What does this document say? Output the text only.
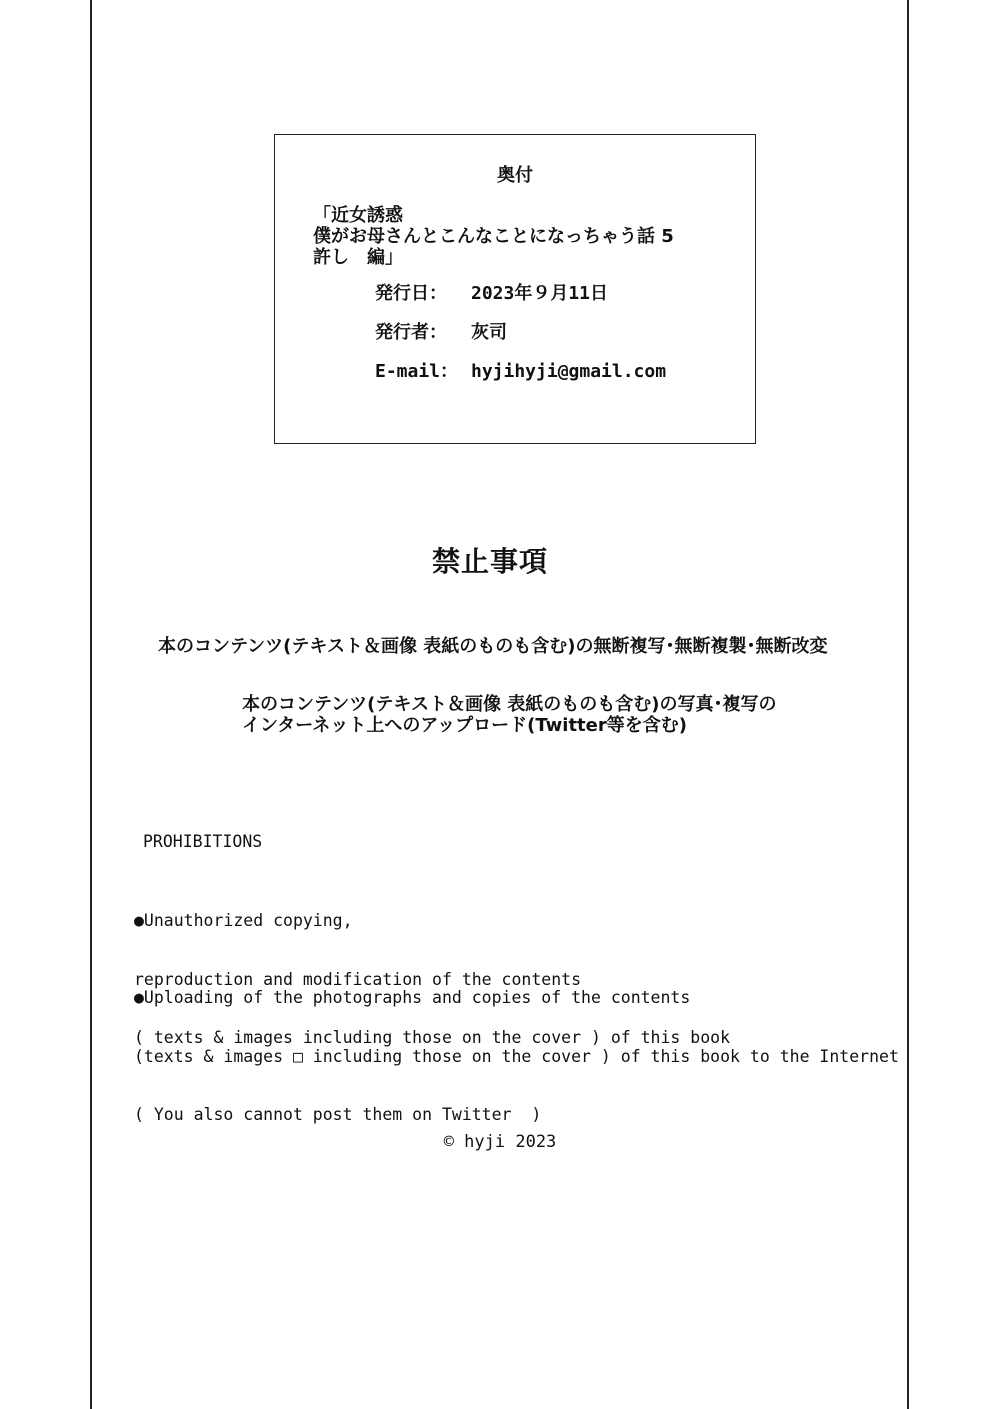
奥付
「近女誘惑
僕がお母さんとこんなことになっちゃう話 5
許し　編」
発行日： 2023年９月11日
発行者： 灰司
E-mail： hyjihyji@gmail.com
禁止事項
本のコンテンツ(テキスト＆画像 表紙のものも含む)の無断複写･無断複製･無断改変
本のコンテンツ(テキスト＆画像 表紙のものも含む)の写真･複写の
インターネット上へのアップロード(Twitter等を含む)
PROHIBITIONS

●Unauthorized copying,

reproduction and modification of the contents

( texts & images including those on the cover ) of this book

●Uploading of the photographs and copies of the contents

(texts & images □ including those on the cover ) of this book to the Internet

( You also cannot post them on Twitter  )

© hyji 2023
